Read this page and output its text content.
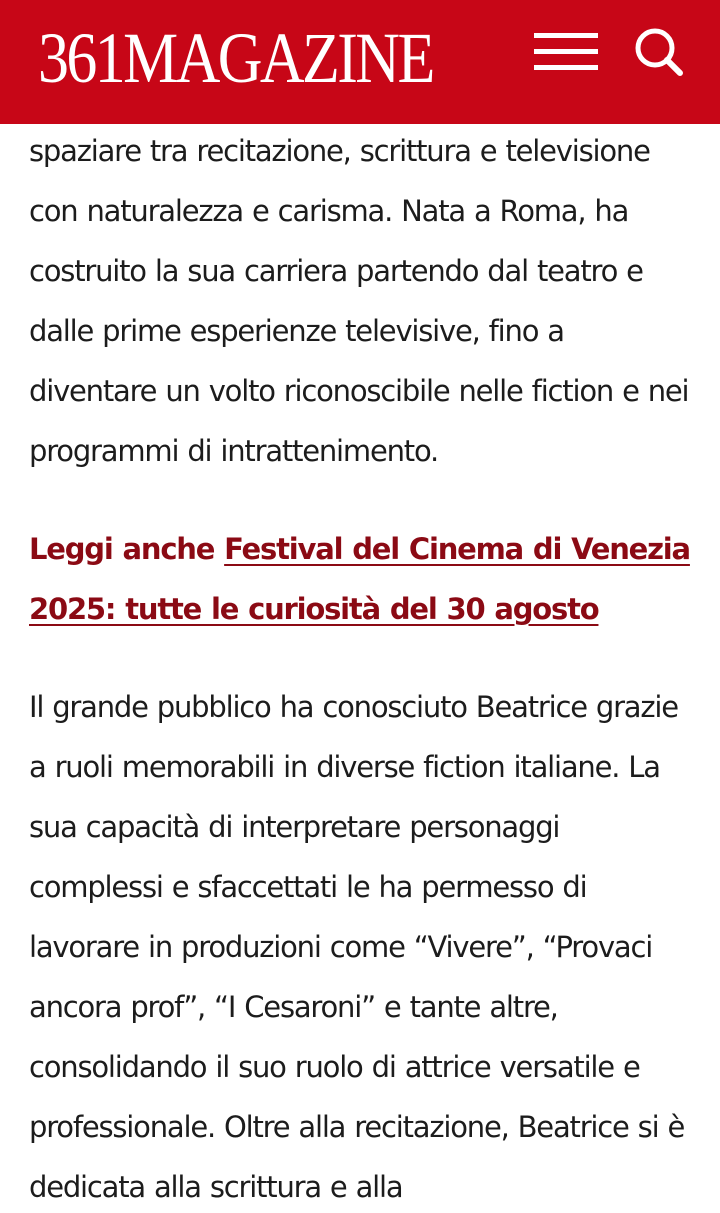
361MAGAZINE

spaziare tra recitazione, scrittura e televisione con naturalezza e carisma. Nata a Roma, ha costruito la sua carriera partendo dal teatro e dalle prime esperienze televisive, fino a diventare un volto riconoscibile nelle fiction e nei programmi di intrattenimento.

Leggi anche Festival del Cinema di Venezia 2025: tutte le curiosità del 30 agosto

Il grande pubblico ha conosciuto Beatrice grazie a ruoli memorabili in diverse fiction italiane. La sua capacità di interpretare personaggi complessi e sfaccettati le ha permesso di lavorare in produzioni come “Vivere”, “Provaci ancora prof”, “I Cesaroni” e tante altre, consolidando il suo ruolo di attrice versatile e professionale. Oltre alla recitazione, Beatrice si è dedicata alla scrittura e alla
